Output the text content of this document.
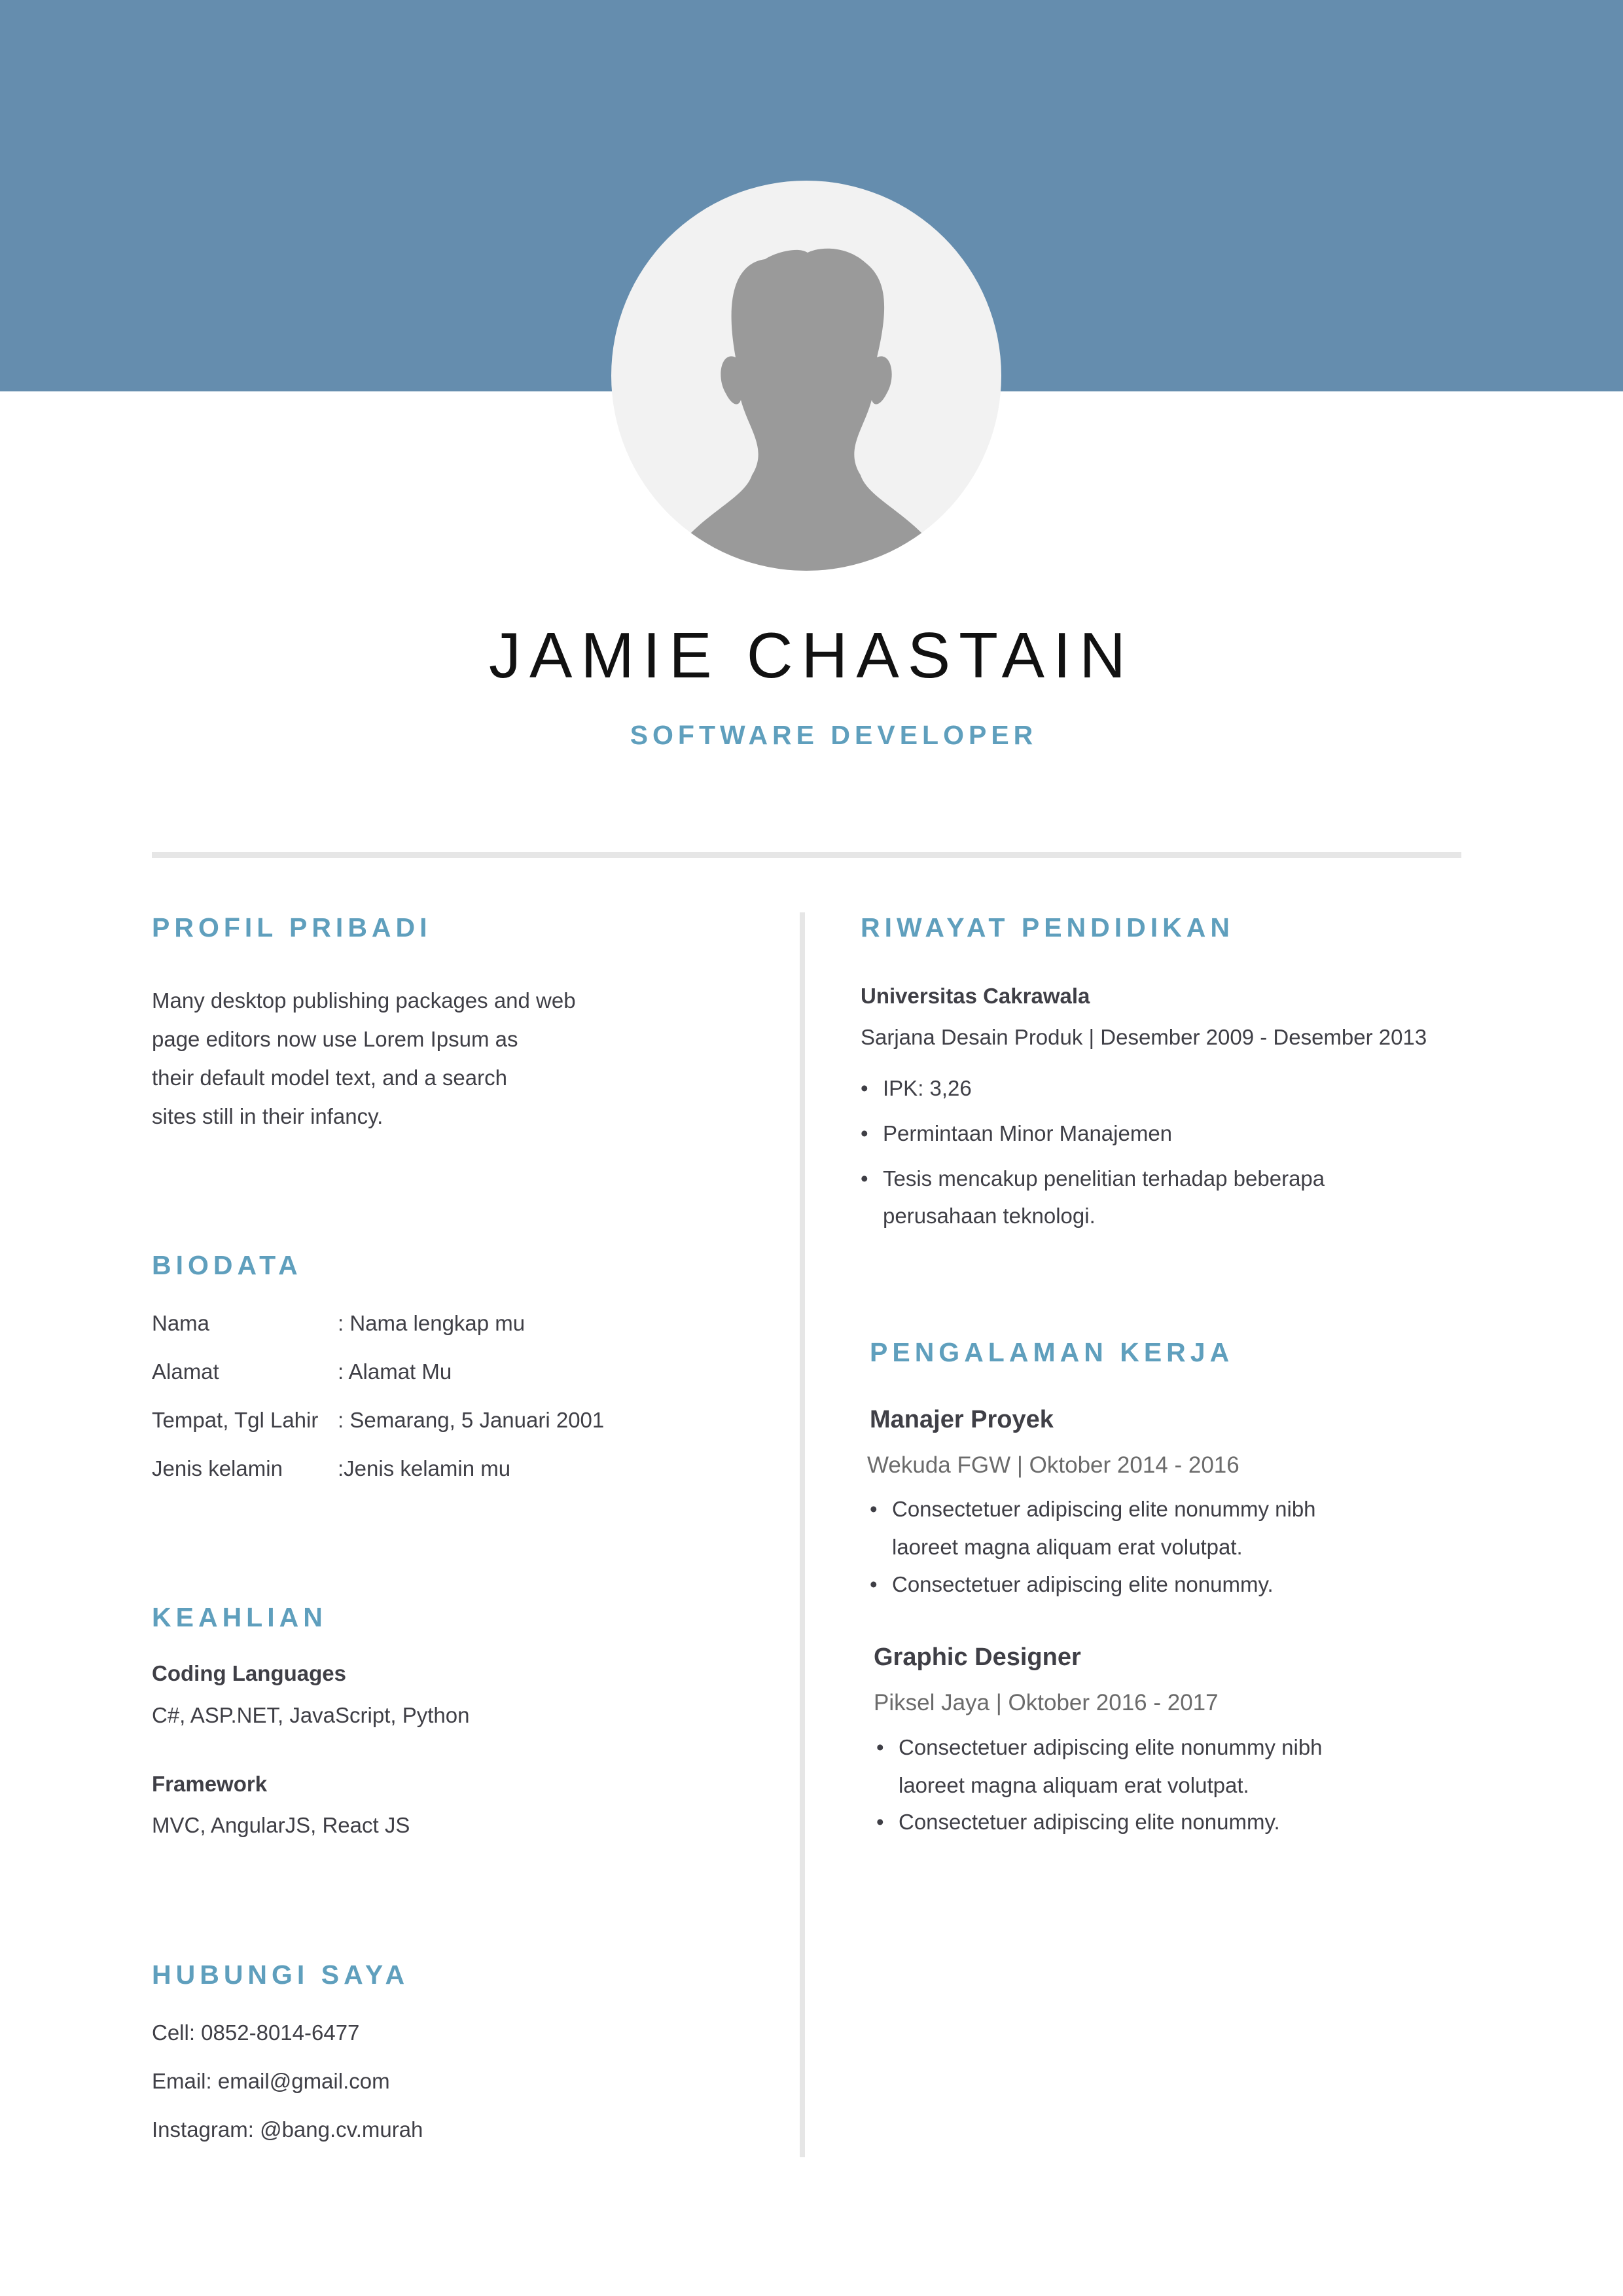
JAMIE CHASTAIN
SOFTWARE DEVELOPER
PROFIL PRIBADI
Many desktop publishing packages and web
page editors now use Lorem Ipsum as
their default model text, and a search
sites still in their infancy.
BIODATA
Nama	: Nama lengkap mu
Alamat	: Alamat Mu
Tempat, Tgl Lahir : Semarang, 5 Januari 2001
Jenis kelamin	:Jenis kelamin mu
KEAHLIAN
Coding Languages
C#, ASP.NET, JavaScript, Python
Framework
MVC, AngularJS, React JS
HUBUNGI SAYA
Cell: 0852-8014-6477
Email: email@gmail.com
Instagram: @bang.cv.murah
RIWAYAT PENDIDIKAN
Universitas Cakrawala
Sarjana Desain Produk | Desember 2009 - Desember 2013
• IPK: 3,26
• Permintaan Minor Manajemen
• Tesis mencakup penelitian terhadap beberapa
perusahaan teknologi.
PENGALAMAN KERJA
Manajer Proyek
Wekuda FGW | Oktober 2014 - 2016
• Consectetuer adipiscing elite nonummy nibh
laoreet magna aliquam erat volutpat.
• Consectetuer adipiscing elite nonummy.
Graphic Designer
Piksel Jaya | Oktober 2016 - 2017
• Consectetuer adipiscing elite nonummy nibh
laoreet magna aliquam erat volutpat.
• Consectetuer adipiscing elite nonummy.
